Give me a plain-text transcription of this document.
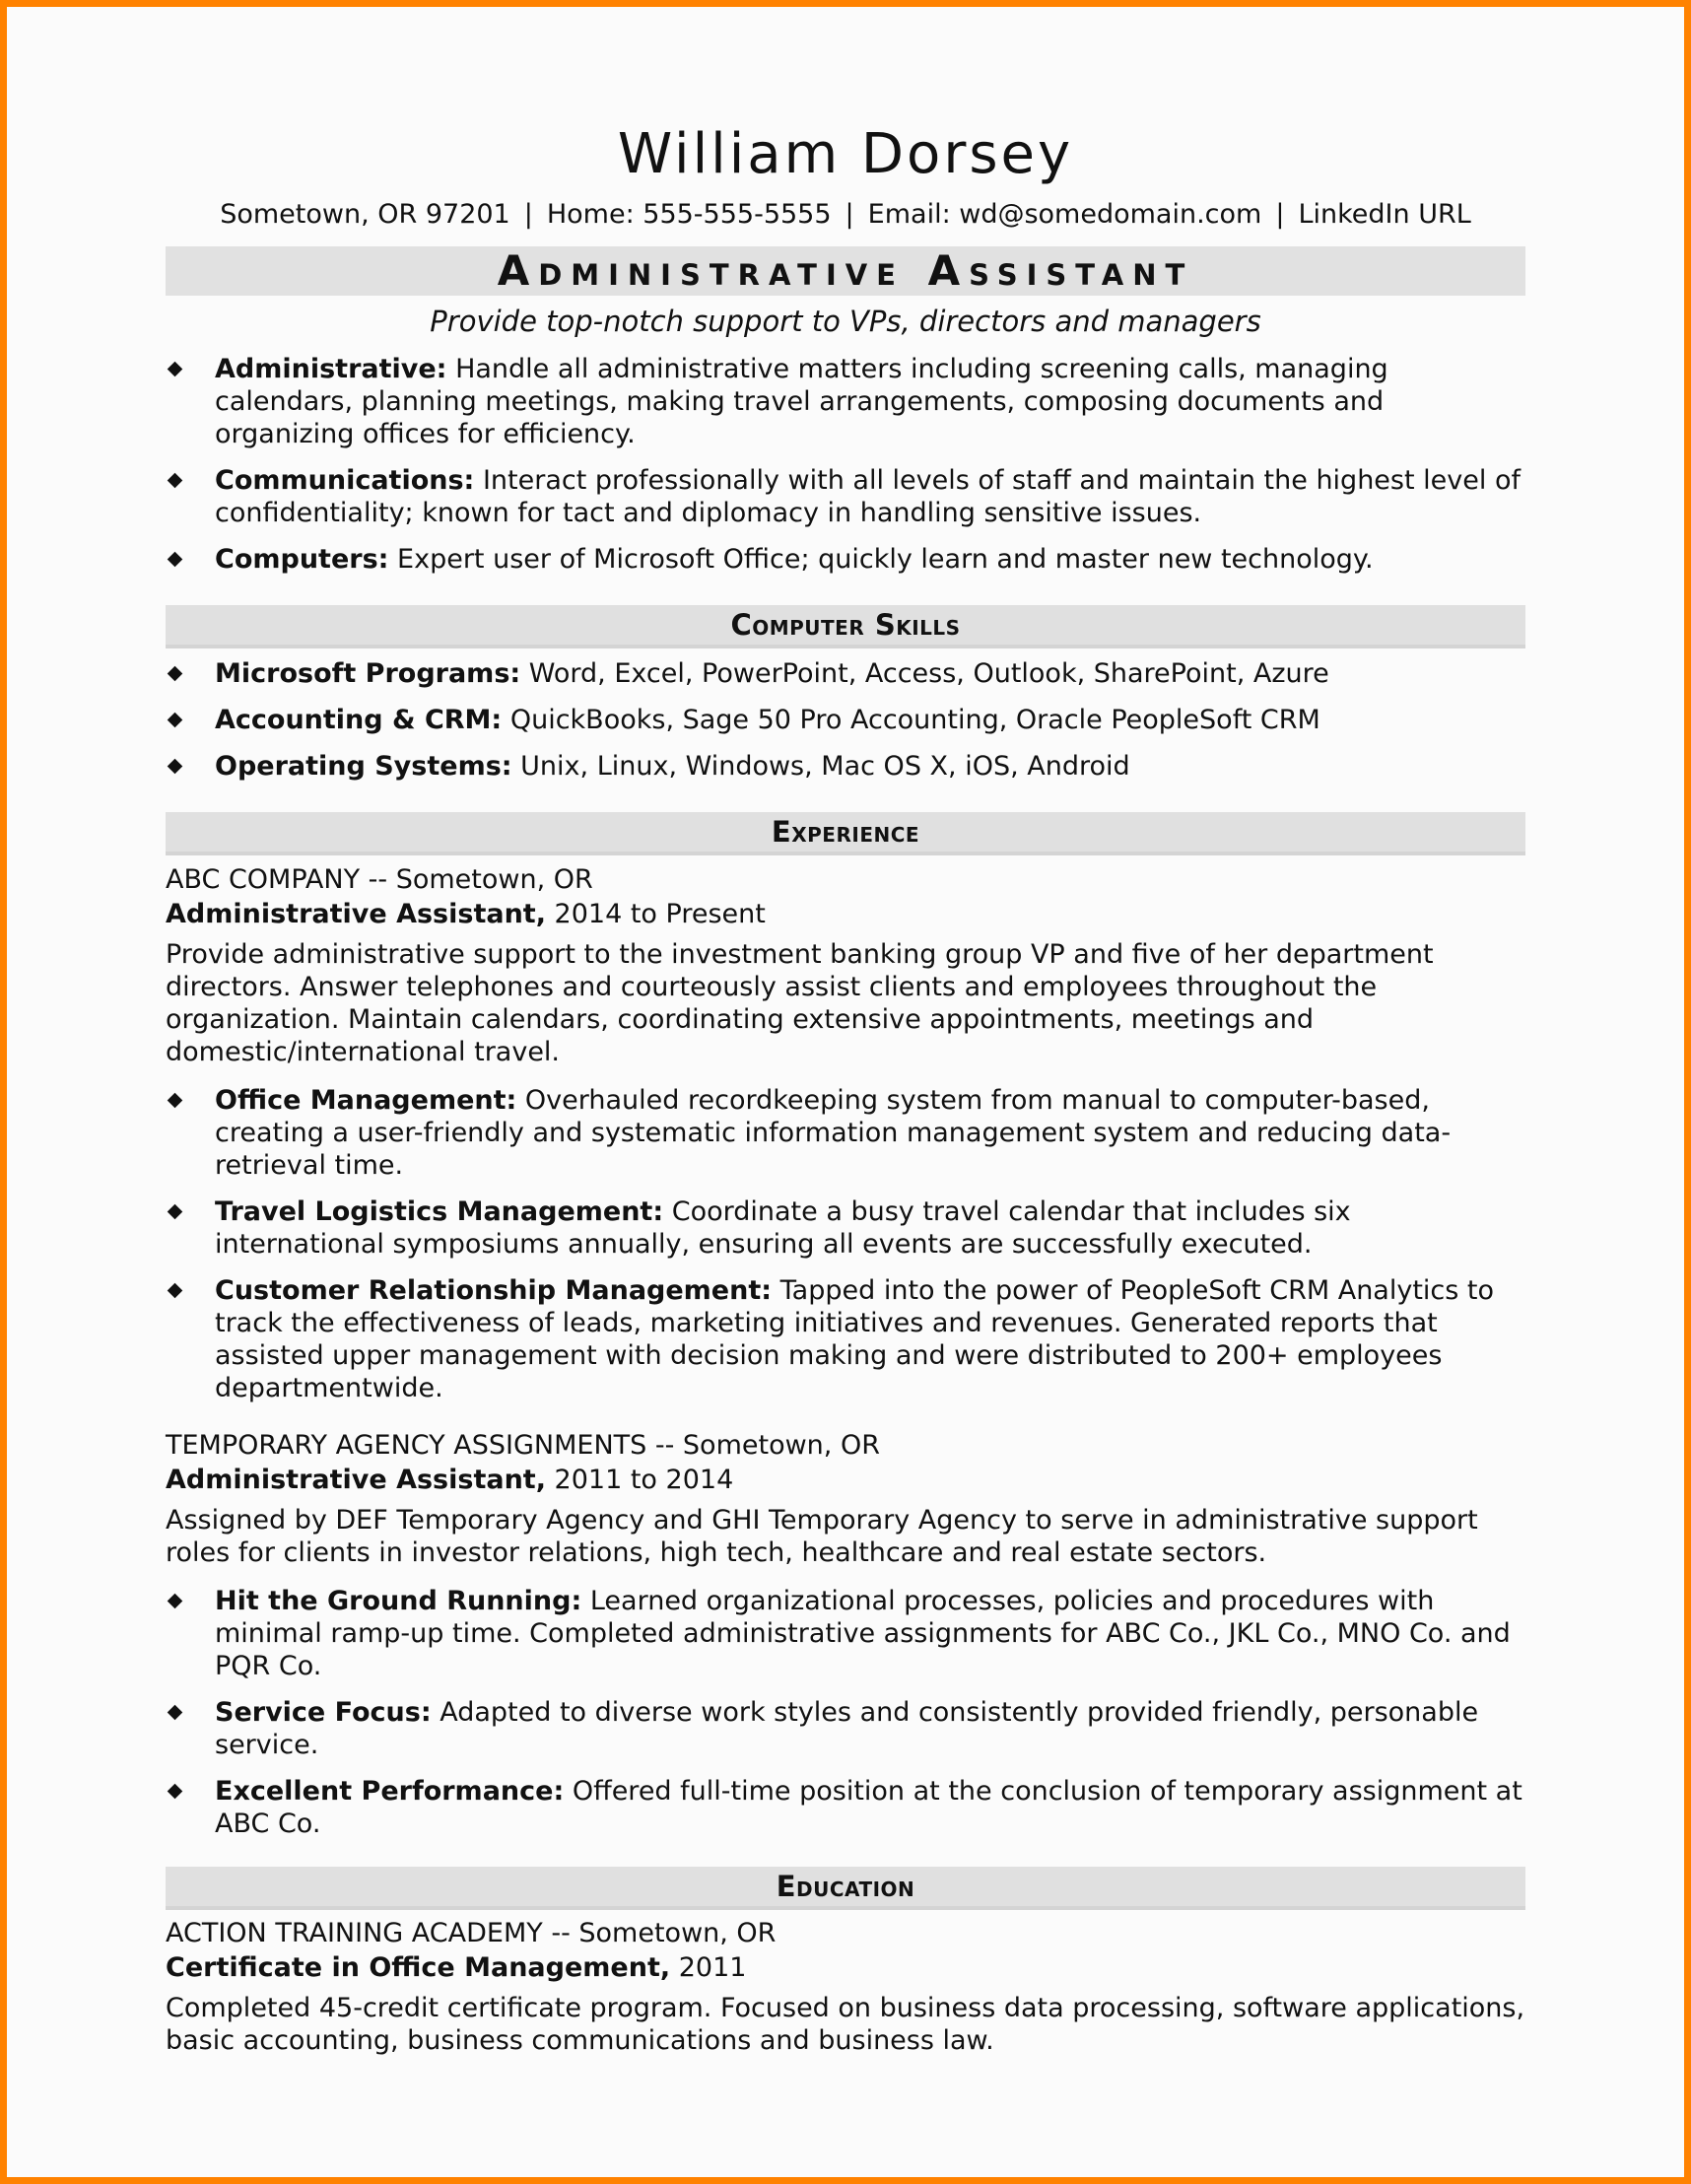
William Dorsey
Sometown, OR 97201 | Home: 555-555-5555 | Email: wd@somedomain.com | LinkedIn URL
Administrative Assistant
Provide top-notch support to VPs, directors and managers
Administrative: Handle all administrative matters including screening calls, managing calendars, planning meetings, making travel arrangements, composing documents and organizing offices for efficiency.
Communications: Interact professionally with all levels of staff and maintain the highest level of confidentiality; known for tact and diplomacy in handling sensitive issues.
Computers: Expert user of Microsoft Office; quickly learn and master new technology.
Computer Skills
Microsoft Programs: Word, Excel, PowerPoint, Access, Outlook, SharePoint, Azure
Accounting & CRM: QuickBooks, Sage 50 Pro Accounting, Oracle PeopleSoft CRM
Operating Systems: Unix, Linux, Windows, Mac OS X, iOS, Android
Experience
ABC COMPANY -- Sometown, OR
Administrative Assistant, 2014 to Present

Provide administrative support to the investment banking group VP and five of her department directors. Answer telephones and courteously assist clients and employees throughout the organization. Maintain calendars, coordinating extensive appointments, meetings and domestic/international travel.

Office Management: Overhauled recordkeeping system from manual to computer-based, creating a user-friendly and systematic information management system and reducing data-retrieval time.
Travel Logistics Management: Coordinate a busy travel calendar that includes six international symposiums annually, ensuring all events are successfully executed.
Customer Relationship Management: Tapped into the power of PeopleSoft CRM Analytics to track the effectiveness of leads, marketing initiatives and revenues. Generated reports that assisted upper management with decision making and were distributed to 200+ employees departmentwide.
TEMPORARY AGENCY ASSIGNMENTS -- Sometown, OR
Administrative Assistant, 2011 to 2014

Assigned by DEF Temporary Agency and GHI Temporary Agency to serve in administrative support roles for clients in investor relations, high tech, healthcare and real estate sectors.

Hit the Ground Running: Learned organizational processes, policies and procedures with minimal ramp-up time. Completed administrative assignments for ABC Co., JKL Co., MNO Co. and PQR Co.
Service Focus: Adapted to diverse work styles and consistently provided friendly, personable service.
Excellent Performance: Offered full-time position at the conclusion of temporary assignment at ABC Co.
Education
ACTION TRAINING ACADEMY -- Sometown, OR
Certificate in Office Management, 2011

Completed 45-credit certificate program. Focused on business data processing, software applications, basic accounting, business communications and business law.
